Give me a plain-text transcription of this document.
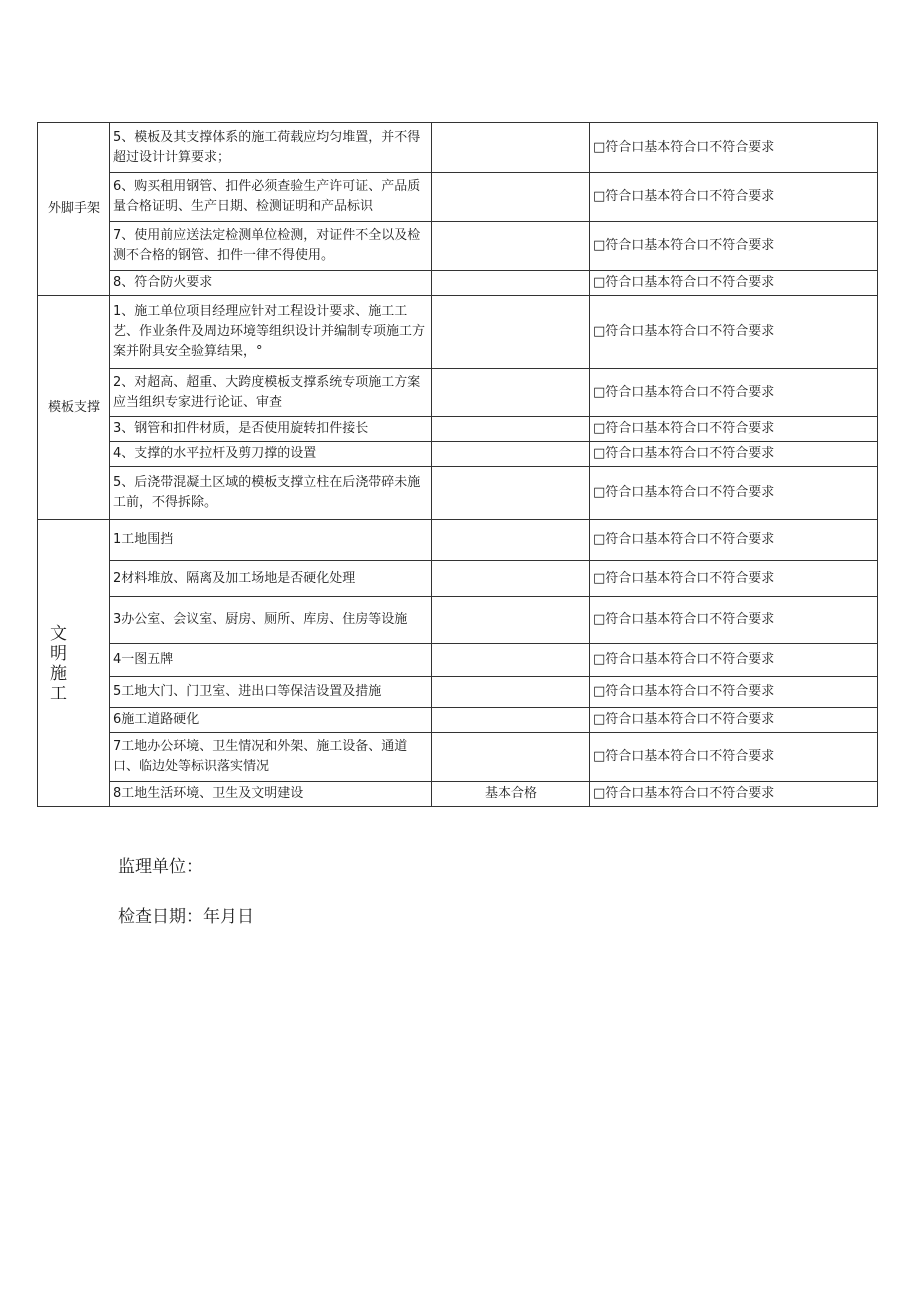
外脚手架	5、模板及其支撑体系的施工荷载应均匀堆置，并不得超过设计计算要求；		□符合口基本符合口不符合要求
	6、购买租用钢管、扣件必须查验生产许可证、产品质量合格证明、生产日期、检测证明和产品标识		□符合口基本符合口不符合要求
	7、使用前应送法定检测单位检测，对证件不全以及检测不合格的钢管、扣件一律不得使用。		□符合口基本符合口不符合要求
	8、符合防火要求		□符合口基本符合口不符合要求
模板支撑	1、施工单位项目经理应针对工程设计要求、施工工艺、作业条件及周边环境等组织设计并编制专项施工方案并附具安全验算结果，°		□符合口基本符合口不符合要求
	2、对超高、超重、大跨度模板支撑系统专项施工方案应当组织专家进行论证、审查		□符合口基本符合口不符合要求
	3、钢管和扣件材质，是否使用旋转扣件接长		□符合口基本符合口不符合要求
	4、支撑的水平拉杆及剪刀撑的设置		□符合口基本符合口不符合要求
	5、后浇带混凝土区域的模板支撑立柱在后浇带碎未施工前，不得拆除。		□符合口基本符合口不符合要求
文明施工	1工地围挡		□符合口基本符合口不符合要求
	2材料堆放、隔离及加工场地是否硬化处理		□符合口基本符合口不符合要求
	3办公室、会议室、厨房、厕所、库房、住房等设施		□符合口基本符合口不符合要求
	4一图五牌		□符合口基本符合口不符合要求
	5工地大门、门卫室、进出口等保洁设置及措施		□符合口基本符合口不符合要求
	6施工道路硬化		□符合口基本符合口不符合要求
	7工地办公环境、卫生情况和外架、施工设备、通道口、临边处等标识落实情况		□符合口基本符合口不符合要求
	8工地生活环境、卫生及文明建设	基本合格	□符合口基本符合口不符合要求
监理单位：
检查日期：年月日
